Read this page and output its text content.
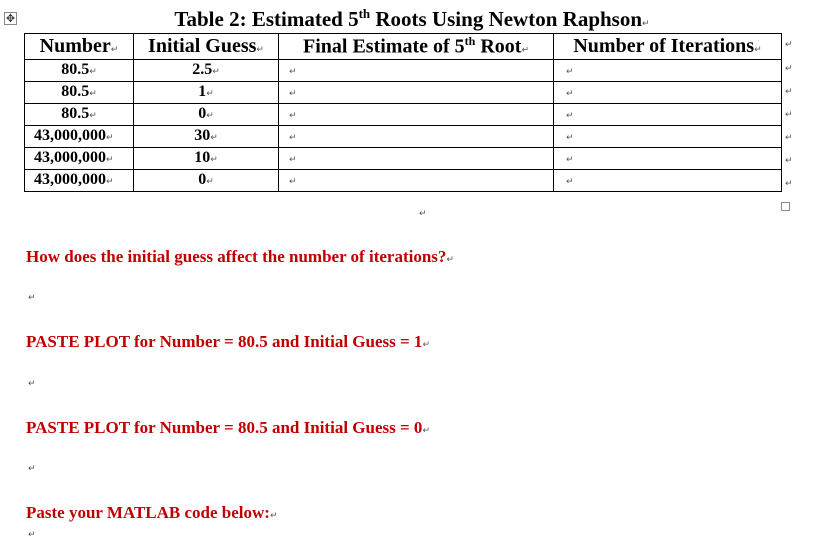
✥	Table 2: Estimated 5th Roots Using Newton Raphson↵
Number↵	Initial Guess↵	Final Estimate of 5th Root↵	Number of Iterations↵
80.5↵	2.5↵	↵	↵
80.5↵	1↵	↵	↵
80.5↵	0↵	↵	↵
43,000,000↵	30↵	↵	↵
43,000,000↵	10↵	↵	↵
43,000,000↵	0↵	↵	↵
↵
↵
↵
↵
↵
↵
↵
↵
How does the initial guess affect the number of iterations?↵
↵
PASTE PLOT for Number = 80.5 and Initial Guess = 1↵
↵
PASTE PLOT for Number = 80.5 and Initial Guess = 0↵
↵
Paste your MATLAB code below:↵
↵
